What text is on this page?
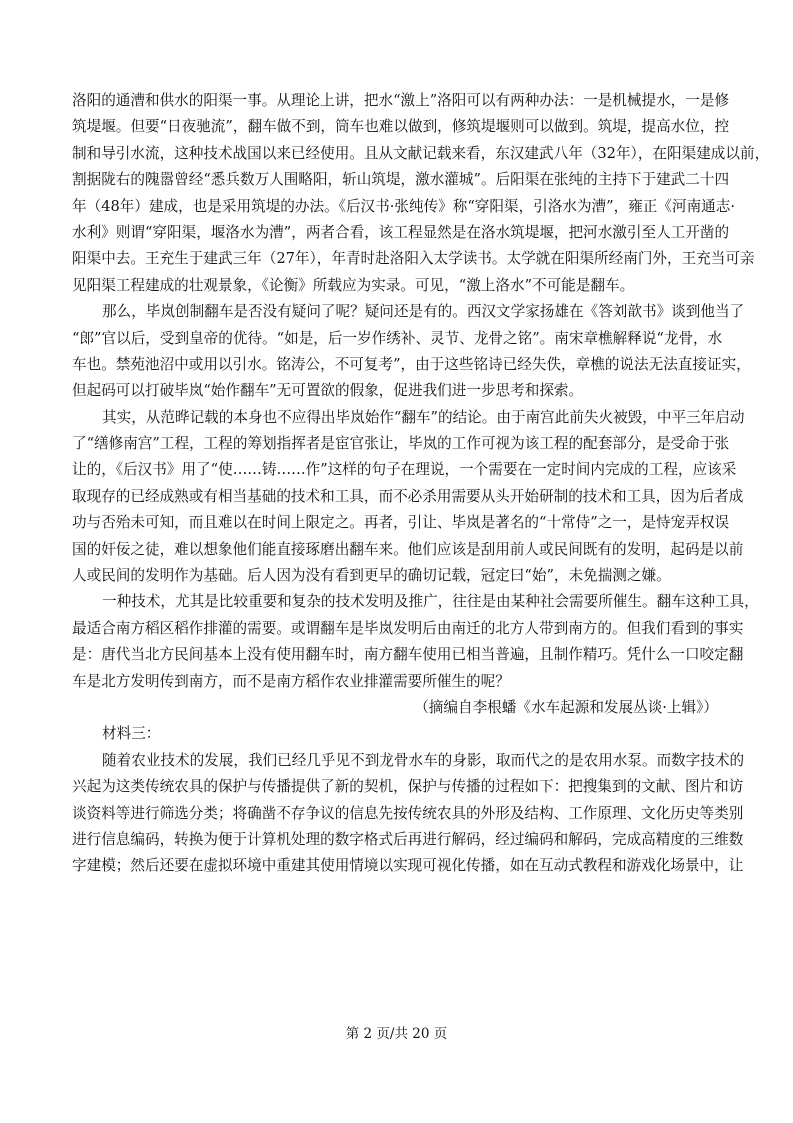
洛阳的通漕和供水的阳渠一事。从理论上讲，把水“激上”洛阳可以有两种办法：一是机械提水，一是修
筑堤堰。但要“日夜驰流”，翻车做不到，筒车也难以做到，修筑堤堰则可以做到。筑堤，提高水位，控
制和导引水流，这种技术战国以来已经使用。且从文献记载来看，东汉建武八年（32年），在阳渠建成以前，
割据陇右的隗嚣曾经“悉兵数万人围略阳，斩山筑堤，激水灌城”。后阳渠在张纯的主持下于建武二十四
年（48年）建成，也是采用筑堤的办法。《后汉书·张纯传》称“穿阳渠，引洛水为漕”，雍正《河南通志·
水利》则谓“穿阳渠，堰洛水为漕”，两者合看，该工程显然是在洛水筑堤堰，把河水激引至人工开凿的
阳渠中去。王充生于建武三年（27年），年青时赴洛阳入太学读书。太学就在阳渠所经南门外，王充当可亲
见阳渠工程建成的壮观景象，《论衡》所载应为实录。可见，“激上洛水”不可能是翻车。
那么，毕岚创制翻车是否没有疑问了呢？疑问还是有的。西汉文学家扬雄在《答刘歆书》谈到他当了
“郎”官以后，受到皇帝的优待。“如是，后一岁作绣补、灵节、龙骨之铭”。南宋章樵解释说“龙骨，水
车也。禁苑池沼中或用以引水。铭涛公，不可复考”，由于这些铭诗已经失佚，章樵的说法无法直接证实，
但起码可以打破毕岚“始作翻车”无可置欲的假象，促进我们进一步思考和探索。
其实，从范晔记载的本身也不应得出毕岚始作“翻车”的结论。由于南宫此前失火被毁，中平三年启动
了“缮修南宫”工程，工程的筹划指挥者是宦官张让，毕岚的工作可视为该工程的配套部分，是受命于张
让的，《后汉书》用了“使……铸……作”这样的句子在理说，一个需要在一定时间内完成的工程，应该采
取现存的已经成熟或有相当基础的技术和工具，而不必杀用需要从头开始研制的技术和工具，因为后者成
功与否殆未可知，而且难以在时间上限定之。再者，引让、毕岚是著名的“十常侍”之一，是恃宠弄权误
国的奸佞之徒，难以想象他们能直接琢磨出翻车来。他们应该是刮用前人或民间既有的发明，起码是以前
人或民间的发明作为基础。后人因为没有看到更早的确切记载，冠定曰“始”，未免揣测之嫌。
一种技术，尤其是比较重要和复杂的技术发明及推广，往往是由某种社会需要所催生。翻车这种工具，
最适合南方稻区稻作排灌的需要。或谓翻车是毕岚发明后由南迁的北方人带到南方的。但我们看到的事实
是：唐代当北方民间基本上没有使用翻车时，南方翻车使用已相当普遍，且制作精巧。凭什么一口咬定翻
车是北方发明传到南方，而不是南方稻作农业排灌需要所催生的呢？
（摘编自李根蟠《水车起源和发展丛谈·上辑》）
材料三：
随着农业技术的发展，我们已经几乎见不到龙骨水车的身影，取而代之的是农用水泵。而数字技术的
兴起为这类传统农具的保护与传播提供了新的契机，保护与传播的过程如下：把搜集到的文献、图片和访
谈资料等进行筛选分类；将确凿不存争议的信息先按传统农具的外形及结构、工作原理、文化历史等类别
进行信息编码，转换为便于计算机处理的数字格式后再进行解码，经过编码和解码，完成高精度的三维数
字建模；然后还要在虚拟环境中重建其使用情境以实现可视化传播，如在互动式教程和游戏化场景中，让
第 2 页/共 20 页
